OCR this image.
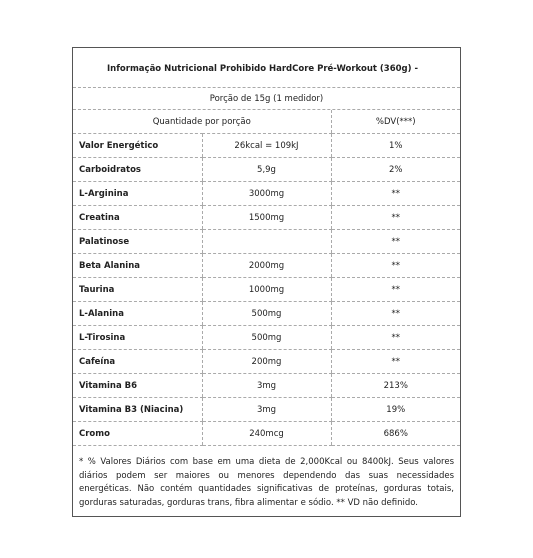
Informação Nutricional Prohibido HardCore Pré-Workout (360g) -
Porção de 15g (1 medidor)
Quantidade por porção		%DV(***)
Valor Energético	26kcal = 109kJ	1%
Carboidratos	5,9g	2%
L-Arginina	3000mg	**
Creatina	1500mg	**
Palatinose		**
Beta Alanina	2000mg	**
Taurina	1000mg	**
L-Alanina	500mg	**
L-Tirosina	500mg	**
Cafeína	200mg	**
Vitamina B6	3mg	213%
Vitamina B3 (Niacina)	3mg	19%
Cromo	240mcg	686%
* % Valores Diários com base em uma dieta de 2,000Kcal ou 8400kJ. Seus valores diários podem ser maiores ou menores dependendo das suas necessidades energéticas. Não contém quantidades significativas de proteínas, gorduras totais, gorduras saturadas, gorduras trans, fibra alimentar e sódio. ** VD não definido.
